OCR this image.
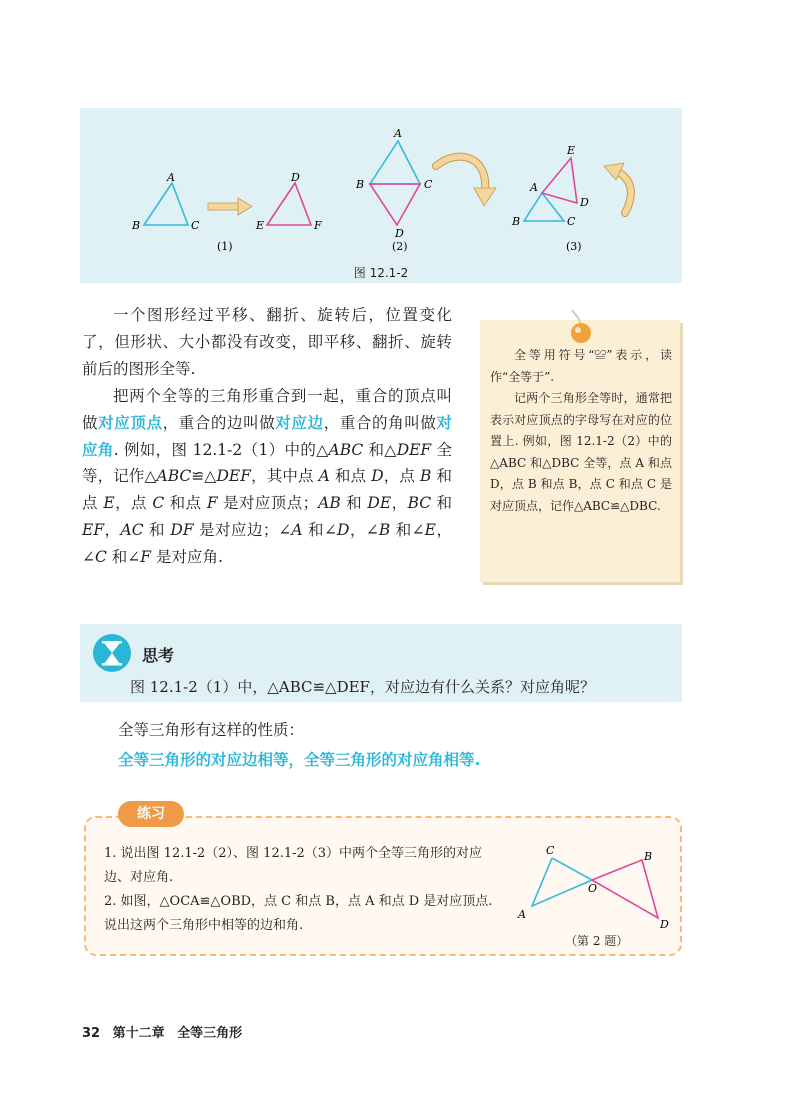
A
B	C
D
E	F
(1)
A
B	C
D
(2)
E
A
D
B	C
(3)
图 12.1-2

一个图形经过平移、翻折、旋转后，位置变化了，但形状、大小都没有改变，即平移、翻折、旋转前后的图形全等.

把两个全等的三角形重合到一起，重合的顶点叫做对应顶点，重合的边叫做对应边，重合的角叫做对应角. 例如，图 12.1-2（1）中的△ABC 和△DEF 全等，记作△ABC≌△DEF，其中点 A 和点 D，点 B 和点 E，点 C 和点 F 是对应顶点；AB 和 DE，BC 和 EF，AC 和 DF 是对应边；∠A 和∠D，∠B 和∠E，∠C 和∠F 是对应角.

全等用符号“≌”表示，读作“全等于”.

记两个三角形全等时，通常把表示对应顶点的字母写在对应的位置上. 例如，图 12.1-2（2）中的△ABC 和△DBC 全等，点 A 和点 D，点 B 和点 B，点 C 和点 C 是对应顶点，记作△ABC≌△DBC.

思考
图 12.1-2（1）中，△ABC≌△DEF，对应边有什么关系？对应角呢？
全等三角形有这样的性质：
全等三角形的对应边相等，全等三角形的对应角相等.
练习

1. 说出图 12.1-2（2）、图 12.1-2（3）中两个全等三角形的对应边、对应角.

2. 如图，△OCA≌△OBD，点 C 和点 B，点 A 和点 D 是对应顶点. 说出这两个三角形中相等的边和角.

C	B
O
A
D
（第 2 题）
32 第十二章 全等三角形
